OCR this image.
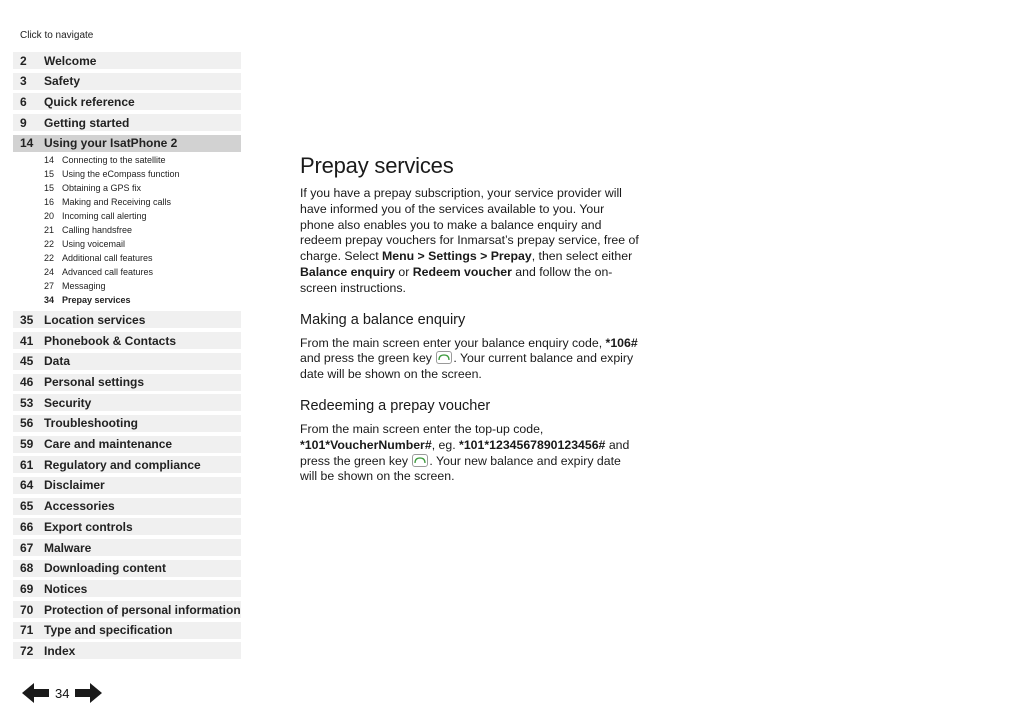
Click to navigate
2	Welcome
3	Safety
6	Quick reference
9	Getting started
14 Using your IsatPhone 2
14 Connecting to the satellite
15 Using the eCompass function
15 Obtaining a GPS fix
16 Making and Receiving calls
20 Incoming call alerting
21 Calling handsfree
22 Using voicemail
22 Additional call features
24 Advanced call features
27 Messaging
34 Prepay services
35 Location services
41 Phonebook & Contacts
45 Data
46 Personal settings
53 Security
56 Troubleshooting
59 Care and maintenance
61 Regulatory and compliance
64 Disclaimer
65 Accessories
66 Export controls
67 Malware
68 Downloading content
69 Notices
70 Protection of personal information
71 Type and specification
72 Index
34
Prepay services

If you have a prepay subscription, your service provider will have informed you of the services available to you. Your phone also enables you to make a balance enquiry and redeem prepay vouchers for Inmarsat’s prepay service, free of charge. Select Menu > Settings > Prepay, then select either Balance enquiry or Redeem voucher and follow the on-screen instructions.

Making a balance enquiry

From the main screen enter your balance enquiry code, *106# and press the green key
. Your current balance and expiry date will be shown on the screen.

Redeeming a prepay voucher

From the main screen enter the top-up code, *101*VoucherNumber#, eg. *101*1234567890123456# and press the green key
. Your new balance and expiry date will be shown on the screen.
